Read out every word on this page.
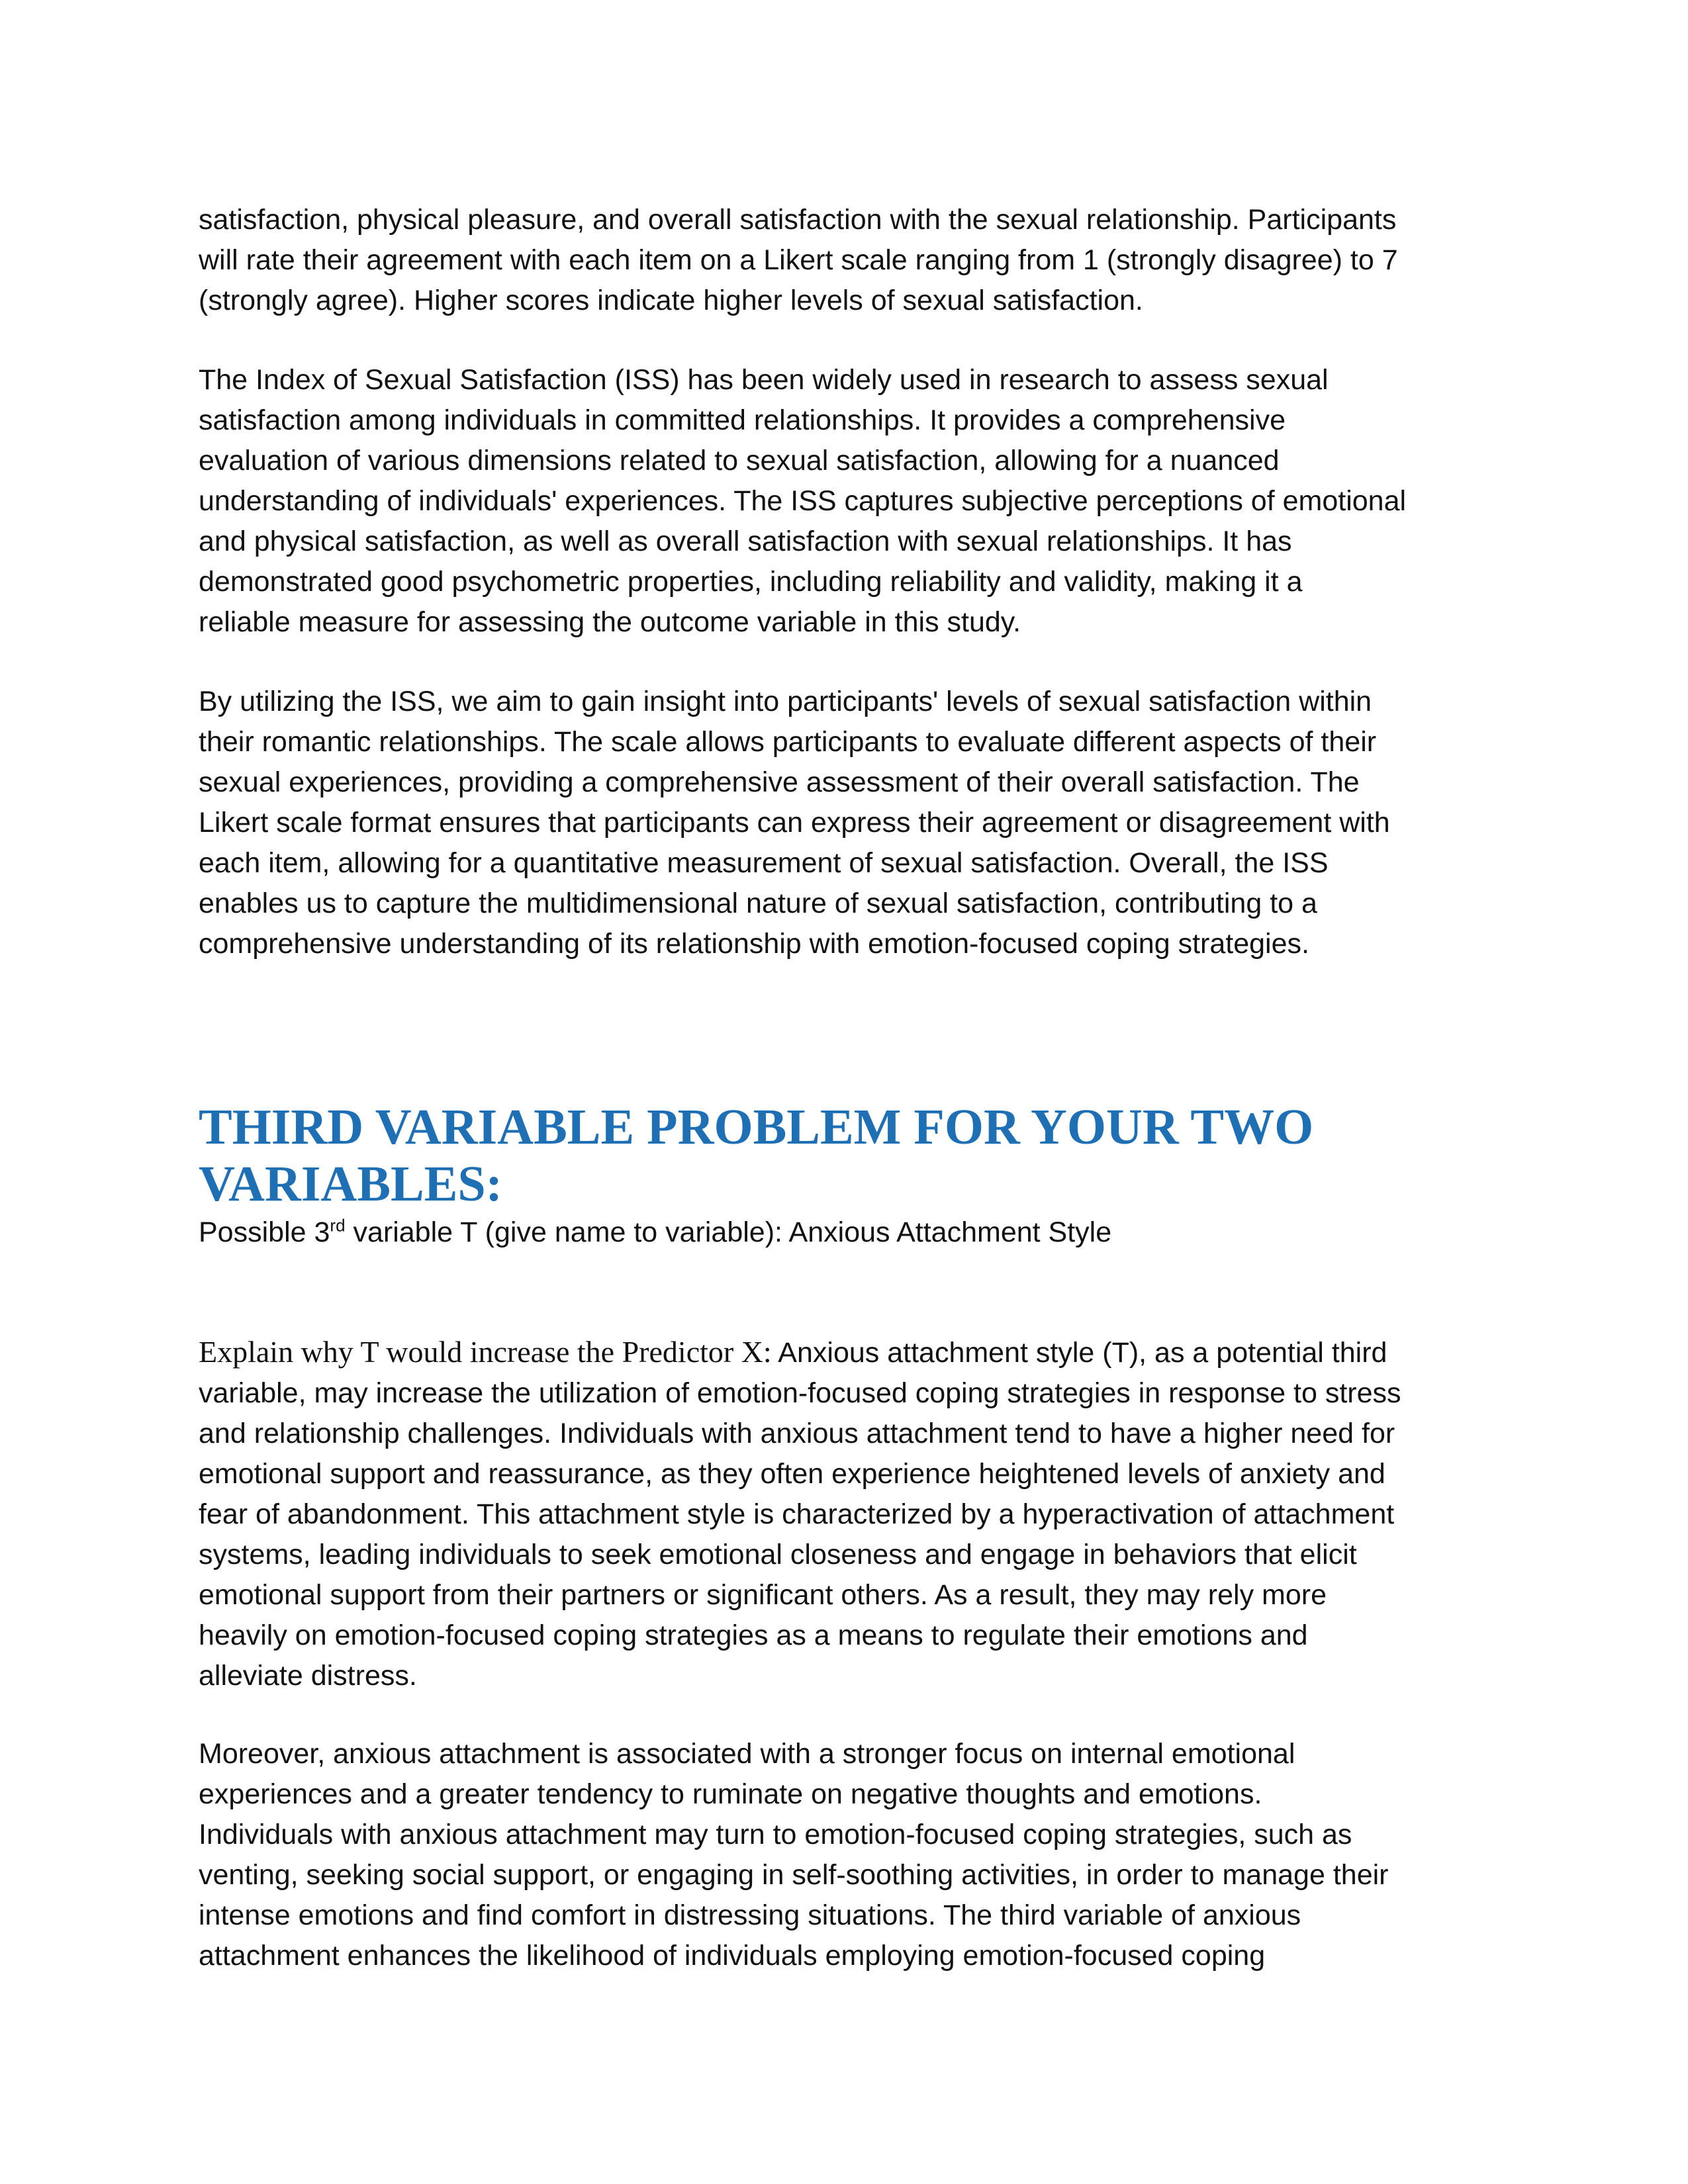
satisfaction, physical pleasure, and overall satisfaction with the sexual relationship. Participants
will rate their agreement with each item on a Likert scale ranging from 1 (strongly disagree) to 7
(strongly agree). Higher scores indicate higher levels of sexual satisfaction.
The Index of Sexual Satisfaction (ISS) has been widely used in research to assess sexual
satisfaction among individuals in committed relationships. It provides a comprehensive
evaluation of various dimensions related to sexual satisfaction, allowing for a nuanced
understanding of individuals' experiences. The ISS captures subjective perceptions of emotional
and physical satisfaction, as well as overall satisfaction with sexual relationships. It has
demonstrated good psychometric properties, including reliability and validity, making it a
reliable measure for assessing the outcome variable in this study.
By utilizing the ISS, we aim to gain insight into participants' levels of sexual satisfaction within
their romantic relationships. The scale allows participants to evaluate different aspects of their
sexual experiences, providing a comprehensive assessment of their overall satisfaction. The
Likert scale format ensures that participants can express their agreement or disagreement with
each item, allowing for a quantitative measurement of sexual satisfaction. Overall, the ISS
enables us to capture the multidimensional nature of sexual satisfaction, contributing to a
comprehensive understanding of its relationship with emotion-focused coping strategies.
THIRD VARIABLE PROBLEM FOR YOUR TWO
VARIABLES:
Possible 3rd variable T (give name to variable): Anxious Attachment Style
Explain why T would increase the Predictor X: Anxious attachment style (T), as a potential third
variable, may increase the utilization of emotion-focused coping strategies in response to stress
and relationship challenges. Individuals with anxious attachment tend to have a higher need for
emotional support and reassurance, as they often experience heightened levels of anxiety and
fear of abandonment. This attachment style is characterized by a hyperactivation of attachment
systems, leading individuals to seek emotional closeness and engage in behaviors that elicit
emotional support from their partners or significant others. As a result, they may rely more
heavily on emotion-focused coping strategies as a means to regulate their emotions and
alleviate distress.
Moreover, anxious attachment is associated with a stronger focus on internal emotional
experiences and a greater tendency to ruminate on negative thoughts and emotions.
Individuals with anxious attachment may turn to emotion-focused coping strategies, such as
venting, seeking social support, or engaging in self-soothing activities, in order to manage their
intense emotions and find comfort in distressing situations. The third variable of anxious
attachment enhances the likelihood of individuals employing emotion-focused coping
